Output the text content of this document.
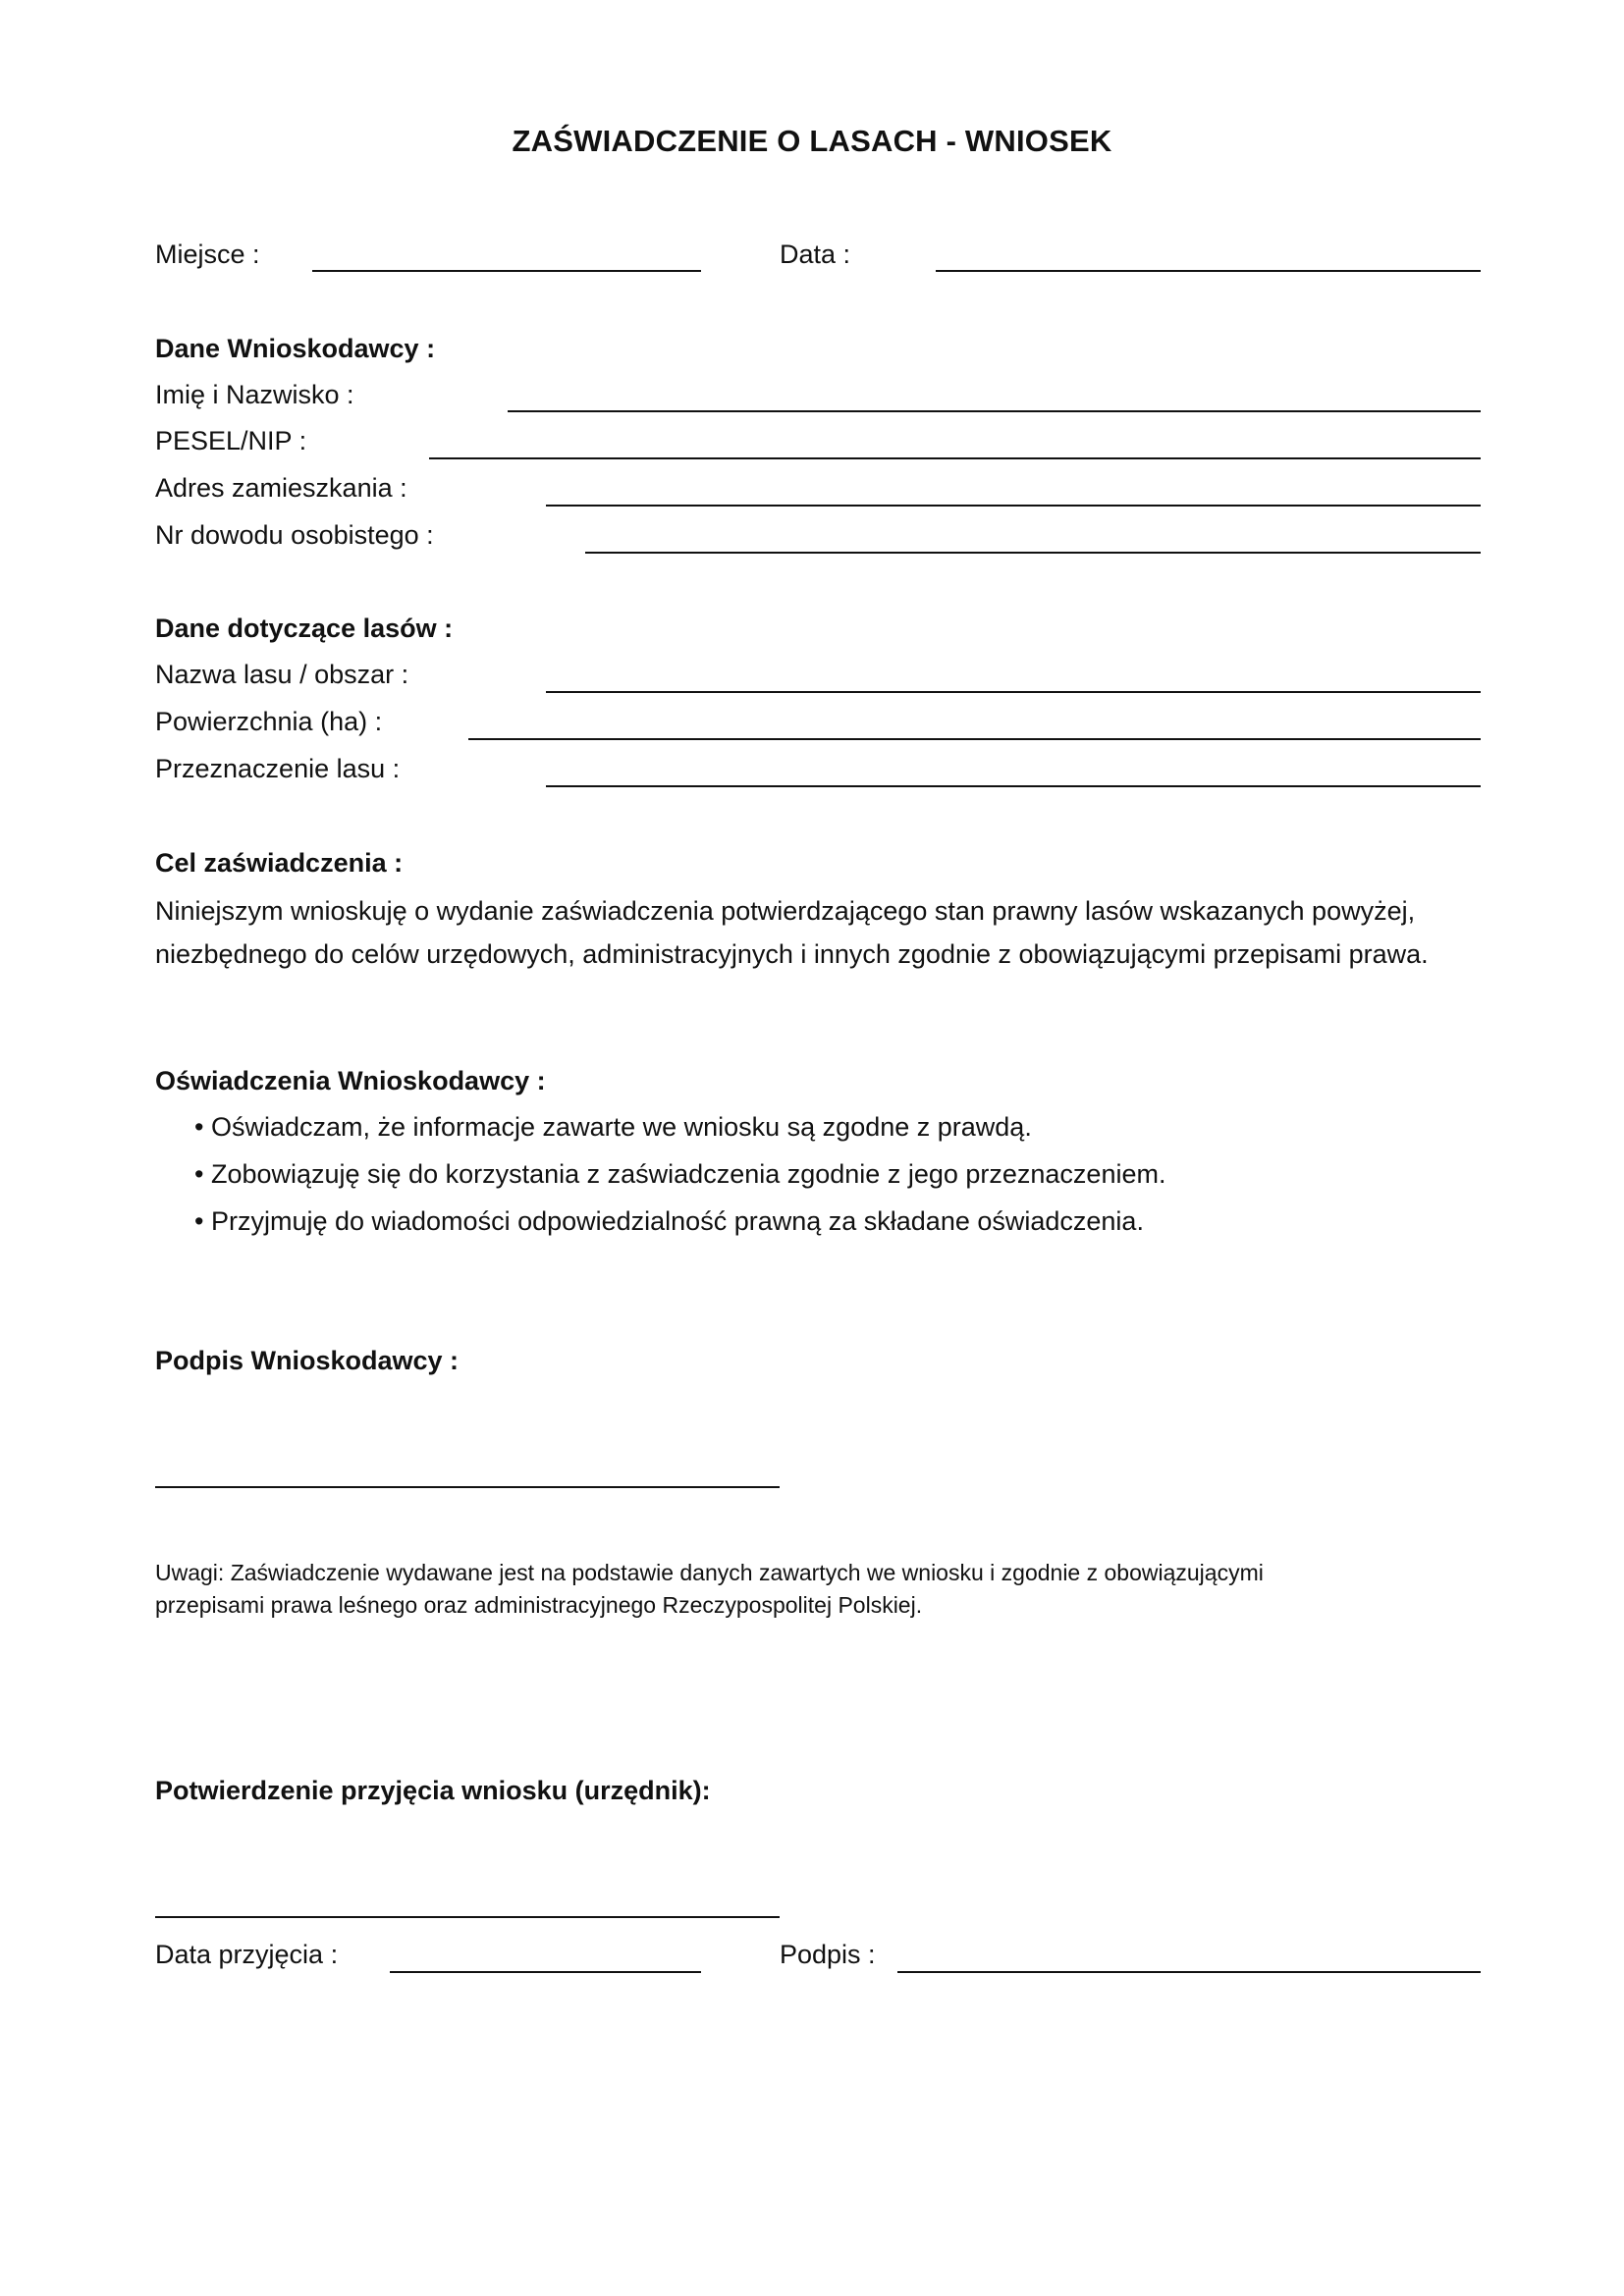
ZAŚWIADCZENIE O LASACH - WNIOSEK
Miejsce :	Data :
Dane Wnioskodawcy :
Imię i Nazwisko :
PESEL/NIP :
Adres zamieszkania :
Nr dowodu osobistego :
Dane dotyczące lasów :
Nazwa lasu / obszar :
Powierzchnia (ha) :
Przeznaczenie lasu :
Cel zaświadczenia :
Niniejszym wnioskuję o wydanie zaświadczenia potwierdzającego stan prawny lasów wskazanych powyżej,
niezbędnego do celów urzędowych, administracyjnych i innych zgodnie z obowiązującymi przepisami prawa.
Oświadczenia Wnioskodawcy :
• Oświadczam, że informacje zawarte we wniosku są zgodne z prawdą.
• Zobowiązuję się do korzystania z zaświadczenia zgodnie z jego przeznaczeniem.
• Przyjmuję do wiadomości odpowiedzialność prawną za składane oświadczenia.
Podpis Wnioskodawcy :
Uwagi: Zaświadczenie wydawane jest na podstawie danych zawartych we wniosku i zgodnie z obowiązującymi
przepisami prawa leśnego oraz administracyjnego Rzeczypospolitej Polskiej.
Potwierdzenie przyjęcia wniosku (urzędnik):
Data przyjęcia :	Podpis :
